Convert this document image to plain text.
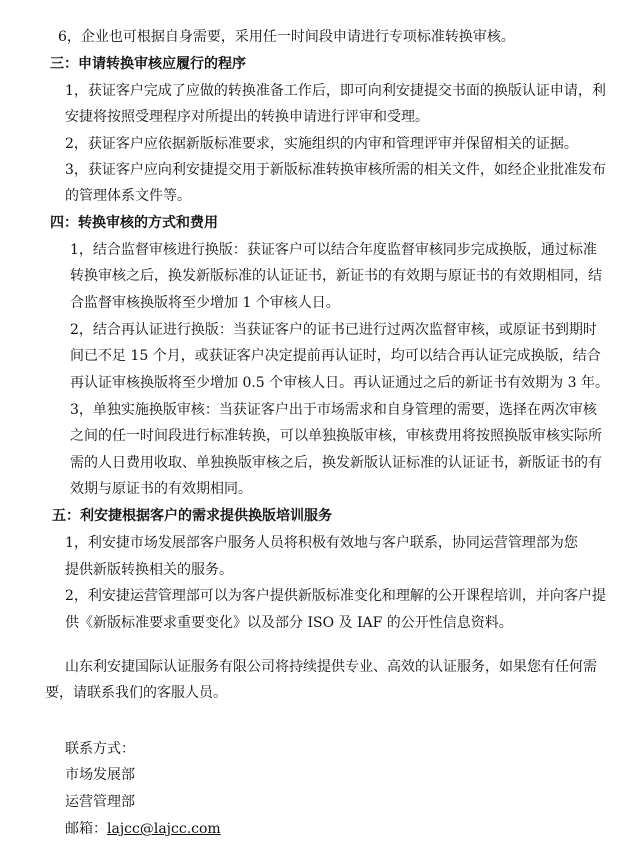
6，企业也可根据自身需要，采用任一时间段申请进行专项标准转换审核。
三：申请转换审核应履行的程序
1，获证客户完成了应做的转换准备工作后，即可向利安捷提交书面的换版认证申请，利
安捷将按照受理程序对所提出的转换申请进行评审和受理。
2，获证客户应依据新版标准要求，实施组织的内审和管理评审并保留相关的证据。
3，获证客户应向利安捷提交用于新版标准转换审核所需的相关文件，如经企业批准发布
的管理体系文件等。
四：转换审核的方式和费用
1，结合监督审核进行换版：获证客户可以结合年度监督审核同步完成换版，通过标准
转换审核之后，换发新版标准的认证证书，新证书的有效期与原证书的有效期相同，结
合监督审核换版将至少增加 1 个审核人日。
2，结合再认证进行换版：当获证客户的证书已进行过两次监督审核，或原证书到期时
间已不足 15 个月，或获证客户决定提前再认证时，均可以结合再认证完成换版，结合
再认证审核换版将至少增加 0.5 个审核人日。再认证通过之后的新证书有效期为 3 年。
3，单独实施换版审核：当获证客户出于市场需求和自身管理的需要，选择在两次审核
之间的任一时间段进行标准转换，可以单独换版审核，审核费用将按照换版审核实际所
需的人日费用收取、单独换版审核之后，换发新版认证标准的认证证书，新版证书的有
效期与原证书的有效期相同。
五：利安捷根据客户的需求提供换版培训服务
1，利安捷市场发展部客户服务人员将积极有效地与客户联系，协同运营管理部为您
提供新版转换相关的服务。
2，利安捷运营管理部可以为客户提供新版标准变化和理解的公开课程培训，并向客户提
供《新版标准要求重要变化》以及部分 ISO 及 IAF 的公开性信息资料。
山东利安捷国际认证服务有限公司将持续提供专业、高效的认证服务，如果您有任何需
要，请联系我们的客服人员。
联系方式：
市场发展部
运营管理部
邮箱：lajcc@lajcc.com
